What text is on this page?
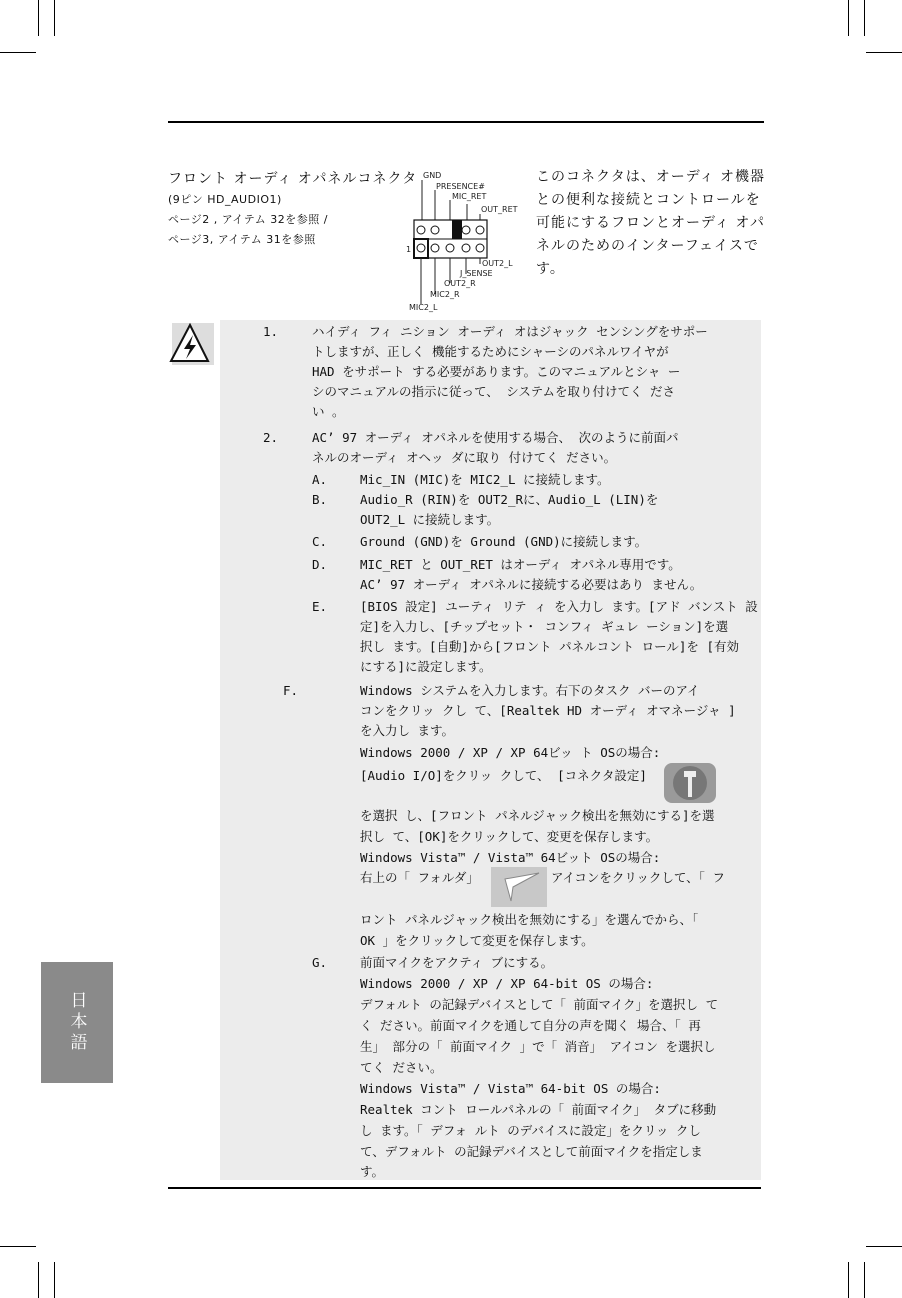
フロント オーディ オパネルコネクタ
(9ピン HD_AUDIO1)
ページ2 , アイテム 32を参照 /
ページ3, アイテム 31を参照
GND
PRESENCE#
MIC_RET
OUT_RET
1
OUT2_L
J_SENSE
OUT2_R
MIC2_R
MIC2_L
このコネクタは、オーディ オ機器
との便利な接続とコントロールを
可能にするフロンとオーディ オパ
ネルのためのインターフェイスで
す。
1.	ハイディ フィ ニション オーディ オはジャック センシングをサポー
トしますが、正しく 機能するためにシャーシのパネルワイヤが
HAD をサポート する必要があります。このマニュアルとシャ ー
シのマニュアルの指示に従って、 システムを取り付けてく ださ
い 。
2.	AC’ 97 オーディ オパネルを使用する場合、 次のように前面パ
ネルのオーディ オヘッ ダに取り 付けてく ださい。
A.	Mic_IN (MIC)を MIC2_L に接続します。
B.	Audio_R (RIN)を OUT2_Rに、Audio_L (LIN)を
OUT2_L に接続します。
C.	Ground (GND)を Ground (GND)に接続します。
D.	MIC_RET と OUT_RET はオーディ オパネル専用です。
AC’ 97 オーディ オパネルに接続する必要はあり ません。
E.	[BIOS 設定] ユーティ リテ ィ を入力し ます。[アド バンスト 設
定]を入力し、[チップセット・ コンフィ ギュレ ーション]を選
択し ます。[自動]から[フロント パネルコント ロール]を [有効
にする]に設定します。
F.	Windows システムを入力します。右下のタスク バーのアイ
コンをクリッ クし て、[Realtek HD オーディ オマネージャ ]
を入力し ます。
Windows 2000 / XP / XP 64ビッ ト OSの場合:
[Audio I/O]をクリッ クして、 [コネクタ設定]
を選択 し、[フロント パネルジャック検出を無効にする]を選
択し て、[OK]をクリックして、変更を保存します。
Windows Vista™ / Vista™ 64ビット OSの場合:
右上の「 フォルダ」	アイコンをクリックして、「 フ
ロント パネルジャック検出を無効にする」を選んでから、「
OK 」をクリックして変更を保存します。
G.	前面マイクをアクティ ブにする。
Windows 2000 / XP / XP 64-bit OS の場合:
デフォルト の記録デバイスとして「 前面マイク」を選択し て
く ださい。前面マイクを通して自分の声を聞く 場合、「 再
生」 部分の「 前面マイク 」で「 消音」 アイコン を選択し
てく ださい。
Windows Vista™ / Vista™ 64-bit OS の場合:
Realtek コント ロールパネルの「 前面マイク」 タブに移動
し ます。「 デフォ ルト のデバイスに設定」をクリッ クし
て、デフォルト の記録デバイスとして前面マイクを指定しま
す。
日本語
